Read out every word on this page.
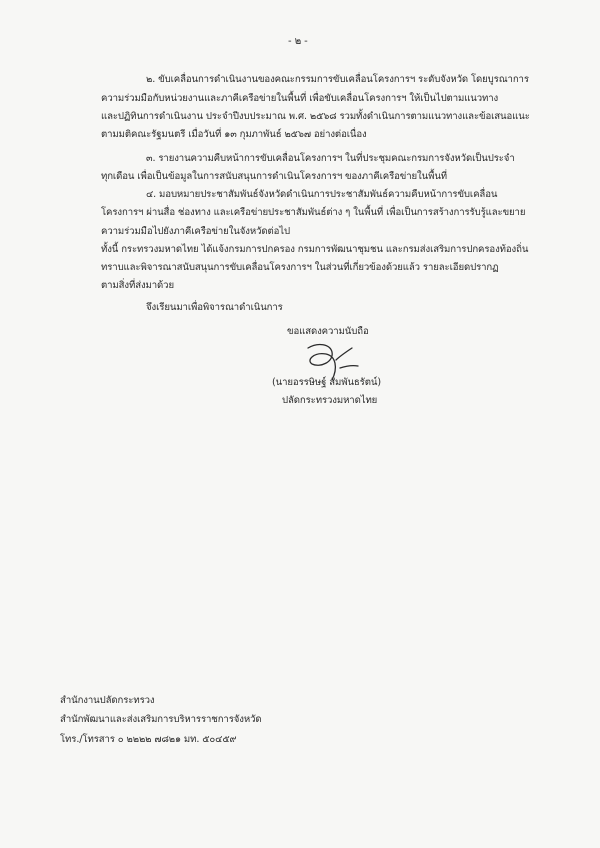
- ๒ -
๒. ขับเคลื่อนการดำเนินงานของคณะกรรมการขับเคลื่อนโครงการฯ ระดับจังหวัด โดยบูรณาการ
ความร่วมมือกับหน่วยงานและภาคีเครือข่ายในพื้นที่ เพื่อขับเคลื่อนโครงการฯ ให้เป็นไปตามแนวทาง
และปฏิทินการดำเนินงาน ประจำปีงบประมาณ พ.ศ. ๒๕๖๘ รวมทั้งดำเนินการตามแนวทางและข้อเสนอแนะ
ตามมติคณะรัฐมนตรี เมื่อวันที่ ๑๓ กุมภาพันธ์ ๒๕๖๗ อย่างต่อเนื่อง
๓. รายงานความคืบหน้าการขับเคลื่อนโครงการฯ ในที่ประชุมคณะกรมการจังหวัดเป็นประจำ
ทุกเดือน เพื่อเป็นข้อมูลในการสนับสนุนการดำเนินโครงการฯ ของภาคีเครือข่ายในพื้นที่
๔. มอบหมายประชาสัมพันธ์จังหวัดดำเนินการประชาสัมพันธ์ความคืบหน้าการขับเคลื่อน
โครงการฯ ผ่านสื่อ ช่องทาง และเครือข่ายประชาสัมพันธ์ต่าง ๆ ในพื้นที่ เพื่อเป็นการสร้างการรับรู้และขยาย
ความร่วมมือไปยังภาคีเครือข่ายในจังหวัดต่อไป
ทั้งนี้ กระทรวงมหาดไทย ได้แจ้งกรมการปกครอง กรมการพัฒนาชุมชน และกรมส่งเสริมการปกครองท้องถิ่น
ทราบและพิจารณาสนับสนุนการขับเคลื่อนโครงการฯ ในส่วนที่เกี่ยวข้องด้วยแล้ว รายละเอียดปรากฏ
ตามสิ่งที่ส่งมาด้วย
จึงเรียนมาเพื่อพิจารณาดำเนินการ
ขอแสดงความนับถือ
(นายอรรษิษฐ์ สัมพันธรัตน์)
ปลัดกระทรวงมหาดไทย
สำนักงานปลัดกระทรวง
สำนักพัฒนาและส่งเสริมการบริหารราชการจังหวัด
โทร./โทรสาร ๐ ๒๒๒๒ ๗๘๒๑ มท. ๕๐๔๕๙
